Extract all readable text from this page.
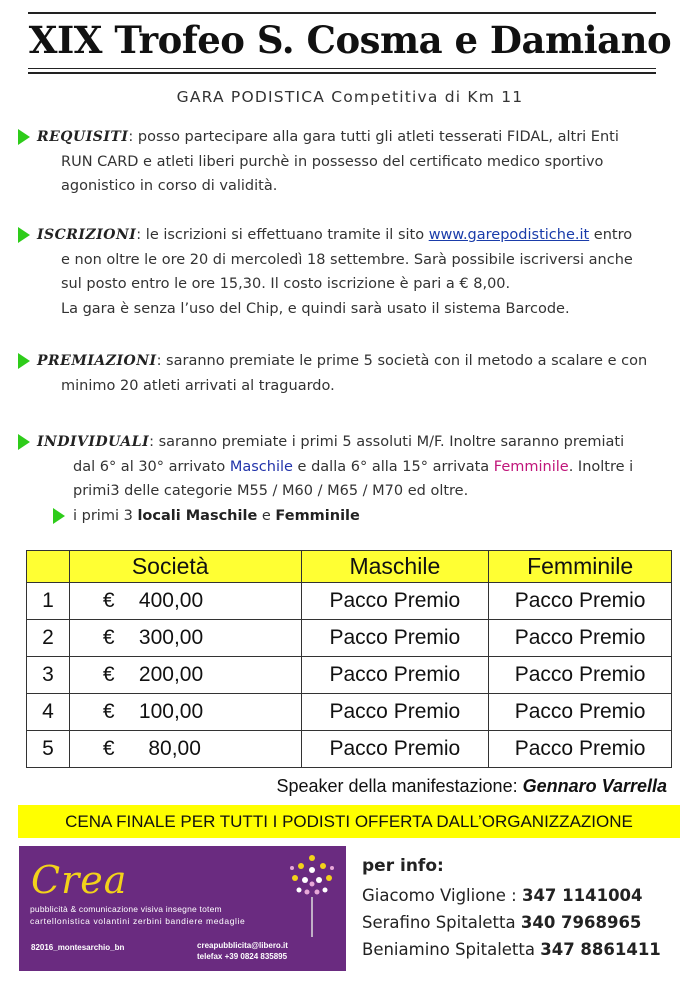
XIX Trofeo S. Cosma e Damiano
GARA PODISTICA Competitiva di Km 11
REQUISITI: posso partecipare alla gara tutti gli atleti tesserati FIDAL, altri Enti
RUN CARD e atleti liberi purchè in possesso del certificato medico sportivo
agonistico in corso di validità.
ISCRIZIONI: le iscrizioni si effettuano tramite il sito www.garepodistiche.it entro
e non oltre le ore 20 di mercoledì 18 settembre. Sarà possibile iscriversi anche
sul posto entro le ore 15,30. Il costo iscrizione è pari a € 8,00.
La gara è senza l’uso del Chip, e quindi sarà usato il sistema Barcode.
PREMIAZIONI: saranno premiate le prime 5 società con il metodo a scalare e con
minimo 20 atleti arrivati al traguardo.
INDIVIDUALI: saranno premiate i primi 5 assoluti M/F. Inoltre saranno premiati
dal 6° al 30° arrivato Maschile e dalla 6° alla 15° arrivata Femminile. Inoltre i
primi3 delle categorie M55 / M60 / M65 / M70 ed oltre.
i primi 3 locali Maschile e Femminile
	Società	Maschile	Femminile
1	€ 400,00	Pacco Premio	Pacco Premio
2	€ 300,00	Pacco Premio	Pacco Premio
3	€ 200,00	Pacco Premio	Pacco Premio
4	€ 100,00	Pacco Premio	Pacco Premio
5	€ 80,00	Pacco Premio	Pacco Premio
Speaker della manifestazione: Gennaro Varrella
CENA FINALE PER TUTTI I PODISTI OFFERTA DALL’ORGANIZZAZIONE
Crea
pubblicità & comunicazione visiva insegne totem
cartellonistica volantini zerbini bandiere medaglie
82016_montesarchio_bn	creapubblicita@libero.it
telefax +39 0824 835895
per info:
Giacomo Viglione : 347 1141004
Serafino Spitaletta 340 7968965
Beniamino Spitaletta 347 8861411
